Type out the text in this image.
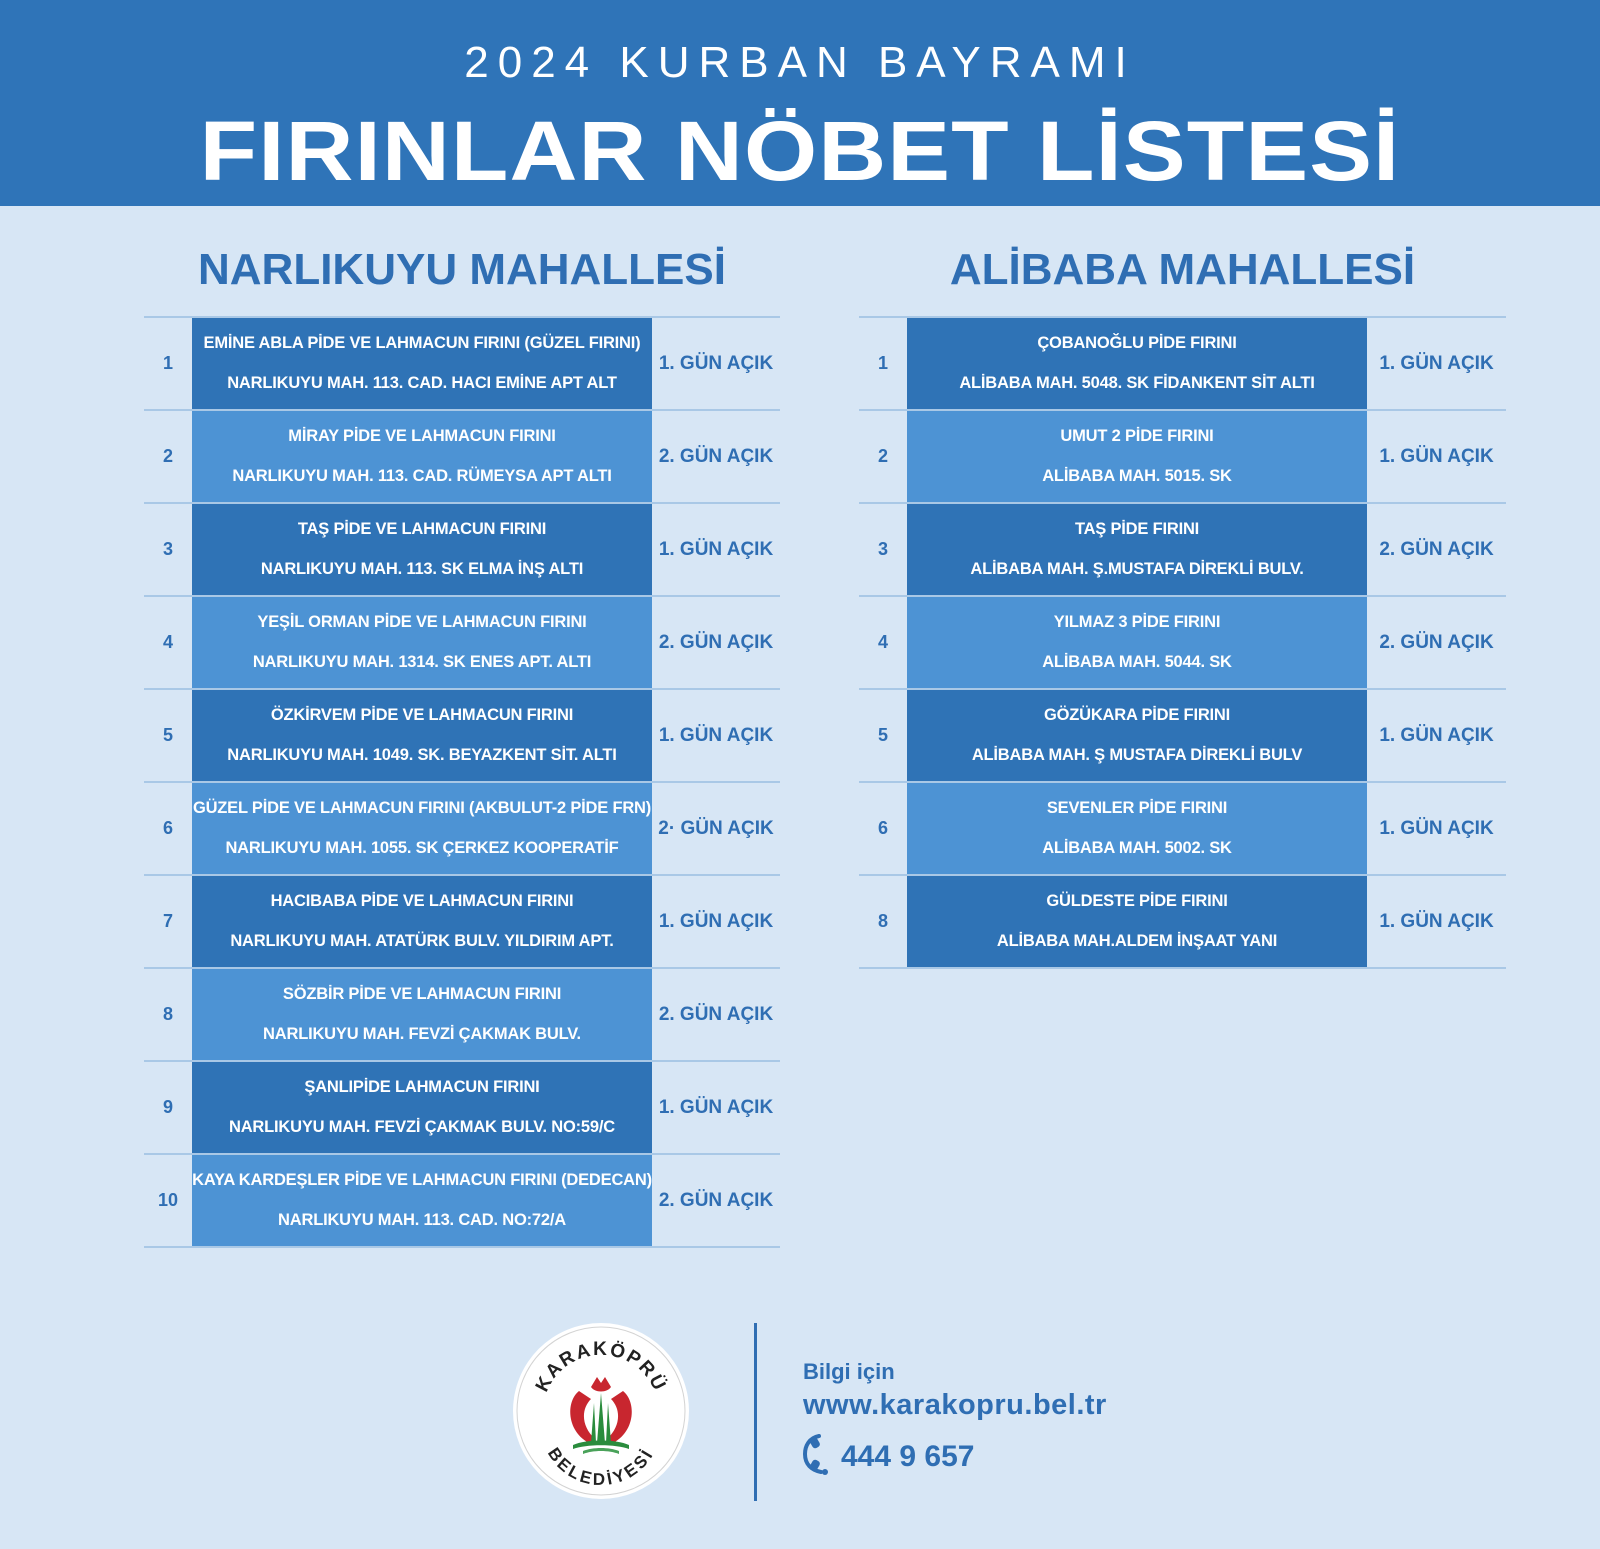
2024 KURBAN BAYRAMI
FIRINLAR NÖBET LİSTESİ
NARLIKUYU MAHALLESİ
1
EMİNE ABLA PİDE VE LAHMACUN FIRINI (GÜZEL FIRINI)
NARLIKUYU MAH. 113. CAD. HACI EMİNE APT ALT
1. GÜN AÇIK
2
MİRAY PİDE VE LAHMACUN FIRINI
NARLIKUYU MAH. 113. CAD. RÜMEYSA APT ALTI
2. GÜN AÇIK
3
TAŞ PİDE VE LAHMACUN FIRINI
NARLIKUYU MAH. 113. SK ELMA İNŞ ALTI
1. GÜN AÇIK
4
YEŞİL ORMAN PİDE VE LAHMACUN FIRINI
NARLIKUYU MAH. 1314. SK ENES APT. ALTI
2. GÜN AÇIK
5
ÖZKİRVEM PİDE VE LAHMACUN FIRINI
NARLIKUYU MAH. 1049. SK. BEYAZKENT SİT. ALTI
1. GÜN AÇIK
6
GÜZEL PİDE VE LAHMACUN FIRINI (AKBULUT-2 PİDE FRN)
NARLIKUYU MAH. 1055. SK ÇERKEZ KOOPERATİF
2· GÜN AÇIK
7
HACIBABA PİDE VE LAHMACUN FIRINI
NARLIKUYU MAH. ATATÜRK BULV. YILDIRIM APT.
1. GÜN AÇIK
8
SÖZBİR PİDE VE LAHMACUN FIRINI
NARLIKUYU MAH. FEVZİ ÇAKMAK BULV.
2. GÜN AÇIK
9
ŞANLIPİDE LAHMACUN FIRINI
NARLIKUYU MAH. FEVZİ ÇAKMAK BULV. NO:59/C
1. GÜN AÇIK
10
KAYA KARDEŞLER PİDE VE LAHMACUN FIRINI (DEDECAN)
NARLIKUYU MAH. 113. CAD. NO:72/A
2. GÜN AÇIK
ALİBABA MAHALLESİ
1
ÇOBANOĞLU PİDE FIRINI
ALİBABA MAH. 5048. SK FİDANKENT SİT ALTI
1. GÜN AÇIK
2
UMUT 2 PİDE FIRINI
ALİBABA MAH. 5015. SK
1. GÜN AÇIK
3
TAŞ PİDE FIRINI
ALİBABA MAH. Ş.MUSTAFA DİREKLİ BULV.
2. GÜN AÇIK
4
YILMAZ 3 PİDE FIRINI
ALİBABA MAH. 5044. SK
2. GÜN AÇIK
5
GÖZÜKARA PİDE FIRINI
ALİBABA MAH. Ş MUSTAFA DİREKLİ BULV
1. GÜN AÇIK
6
SEVENLER PİDE FIRINI
ALİBABA MAH. 5002. SK
1. GÜN AÇIK
8
GÜLDESTE PİDE FIRINI
ALİBABA MAH.ALDEM İNŞAAT YANI
1. GÜN AÇIK
KARAKÖPRÜ
BELEDİYESİ
Bilgi için
www.karakopru.bel.tr
444 9 657
